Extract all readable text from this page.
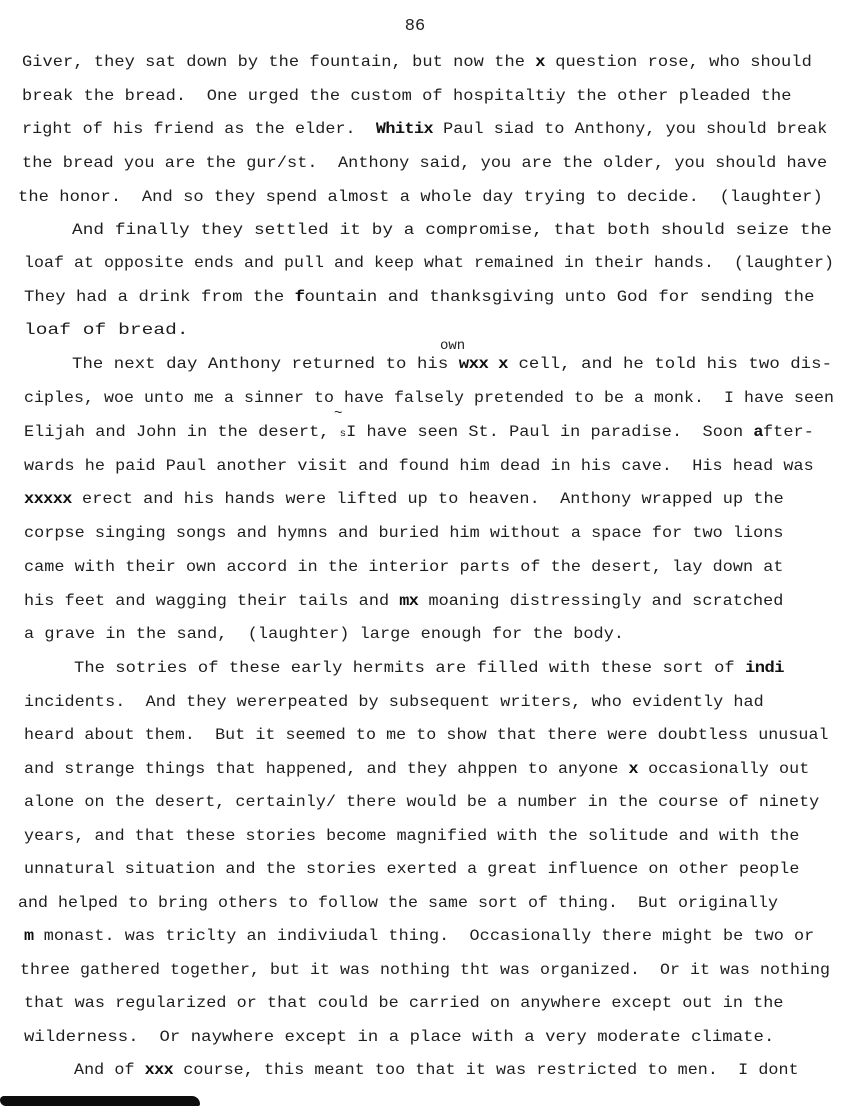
86
own
~
Giver, they sat down by the fountain, but now the x question rose, who should
break the bread.  One urged the custom of hospitaltiy the other pleaded the
right of his friend as the elder.  Whitix Paul siad to Anthony, you should break
the bread you are the gur/st.  Anthony said, you are the older, you should have
the honor.  And so they spend almost a whole day trying to decide.  (laughter)
And finally they settled it by a compromise, that both should seize the
loaf at opposite ends and pull and keep what remained in their hands.  (laughter)
They had a drink from the fountain and thanksgiving unto God for sending the
loaf of bread.
The next day Anthony returned to his wxx x cell, and he told his two dis-
ciples, woe unto me a sinner to have falsely pretended to be a monk.  I have seen
Elijah and John in the desert, sI have seen St. Paul in paradise.  Soon after-
wards he paid Paul another visit and found him dead in his cave.  His head was
xxxxx erect and his hands were lifted up to heaven.  Anthony wrapped up the
corpse singing songs and hymns and buried him without a space for two lions
came with their own accord in the interior parts of the desert, lay down at
his feet and wagging their tails and mx moaning distressingly and scratched
a grave in the sand,  (laughter) large enough for the body.
The sotries of these early hermits are filled with these sort of indi
incidents.  And they wererpeated by subsequent writers, who evidently had
heard about them.  But it seemed to me to show that there were doubtless unusual
and strange things that happened, and they ahppen to anyone x occasionally out
alone on the desert, certainly/ there would be a number in the course of ninety
years, and that these stories become magnified with the solitude and with the
unnatural situation and the stories exerted a great influence on other people
and helped to bring others to follow the same sort of thing.  But originally
m monast. was triclty an indiviudal thing.  Occasionally there might be two or
three gathered together, but it was nothing tht was organized.  Or it was nothing
that was regularized or that could be carried on anywhere except out in the
wilderness.  Or naywhere except in a place with a very moderate climate.
And of xxx course, this meant too that it was restricted to men.  I dont
